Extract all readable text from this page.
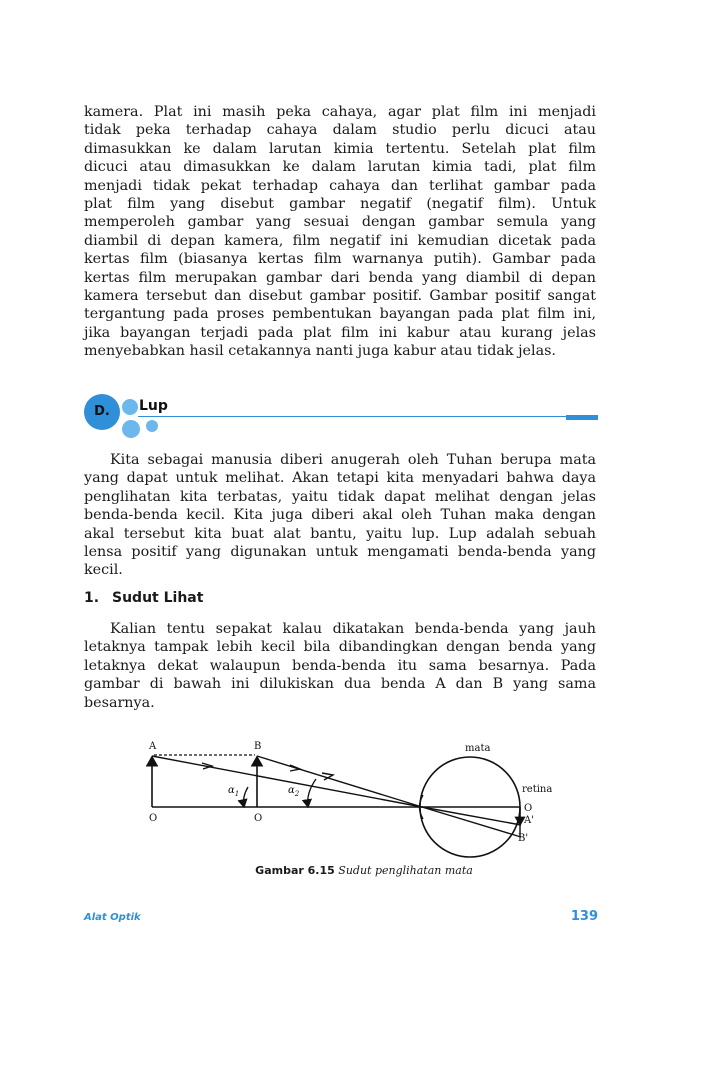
kamera. Plat ini masih peka cahaya, agar plat film ini menjadi
tidak peka terhadap cahaya dalam studio perlu dicuci atau
dimasukkan ke dalam larutan kimia tertentu. Setelah plat film
dicuci atau dimasukkan ke dalam larutan kimia tadi, plat film
menjadi tidak pekat terhadap cahaya dan terlihat gambar pada
plat film yang disebut gambar negatif (negatif film). Untuk
memperoleh gambar yang sesuai dengan gambar semula yang
diambil di depan kamera, film negatif ini kemudian dicetak pada
kertas film (biasanya kertas film warnanya putih). Gambar pada
kertas film merupakan gambar dari benda yang diambil di depan
kamera tersebut dan disebut gambar positif. Gambar positif sangat
tergantung pada proses pembentukan bayangan pada plat film ini,
jika bayangan terjadi pada plat film ini kabur atau kurang jelas
menyebabkan hasil cetakannya nanti juga kabur atau tidak jelas.
D.	Lup
Kita sebagai manusia diberi anugerah oleh Tuhan berupa mata
yang dapat untuk melihat. Akan tetapi kita menyadari bahwa daya
penglihatan kita terbatas, yaitu tidak dapat melihat dengan jelas
benda-benda kecil. Kita juga diberi akal oleh Tuhan maka dengan
akal tersebut kita buat alat bantu, yaitu lup. Lup adalah sebuah
lensa positif yang digunakan untuk mengamati benda-benda yang
kecil.
1. Sudut Lihat
Kalian tentu sepakat kalau dikatakan benda-benda yang jauh
letaknya tampak lebih kecil bila dibandingkan dengan benda yang
letaknya dekat walaupun benda-benda itu sama besarnya. Pada
gambar di bawah ini dilukiskan dua benda A dan B yang sama
besarnya.
A	B
O	O
mata
retina
O
A'
B'
$\alpha_1$	$\alpha_2$
Gambar 6.15 Sudut penglihatan mata
Alat Optik	139
